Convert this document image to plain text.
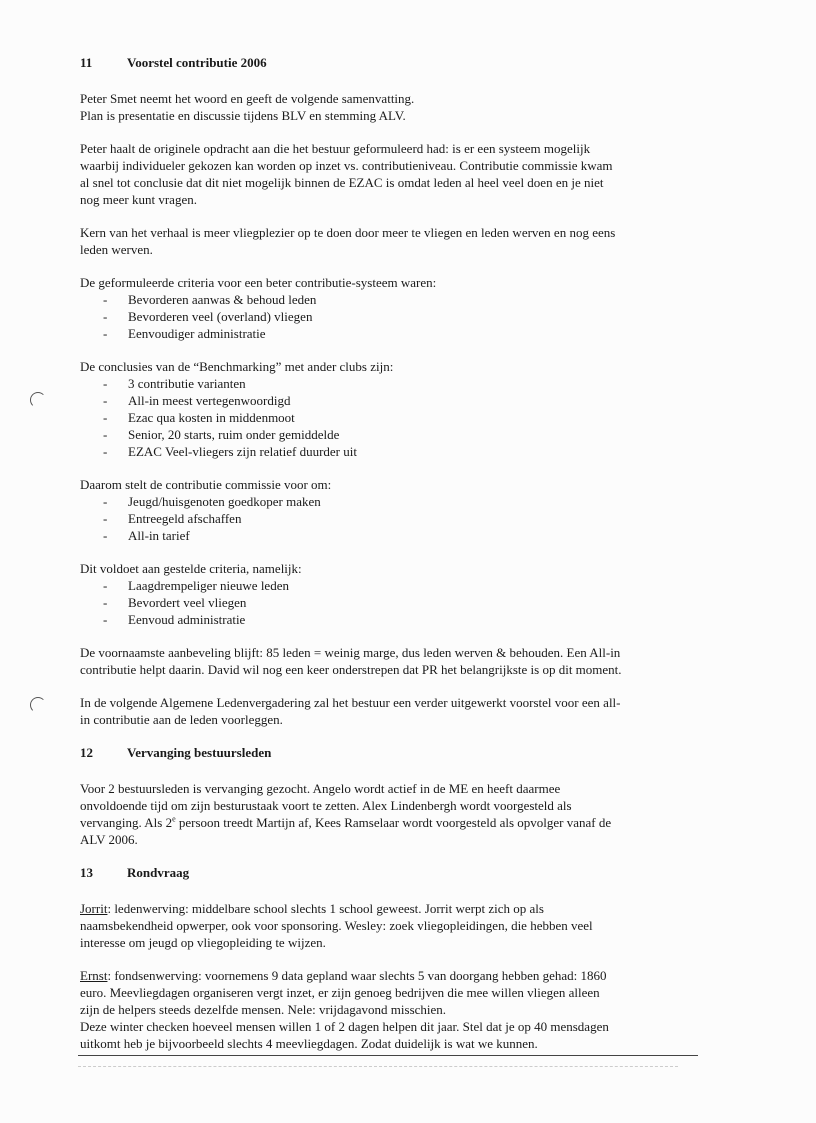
11	Voorstel contributie 2006

Peter Smet neemt het woord en geeft de volgende samenvatting.
Plan is presentatie en discussie tijdens BLV en stemming ALV.

Peter haalt de originele opdracht aan die het bestuur geformuleerd had: is er een systeem mogelijk
waarbij individueler gekozen kan worden op inzet vs. contributieniveau. Contributie commissie kwam
al snel tot conclusie dat dit niet mogelijk binnen de EZAC is omdat leden al heel veel doen en je niet
nog meer kunt vragen.

Kern van het verhaal is meer vliegplezier op te doen door meer te vliegen en leden werven en nog eens
leden werven.

De geformuleerde criteria voor een beter contributie-systeem waren:
- Bevorderen aanwas & behoud leden
- Bevorderen veel (overland) vliegen
- Eenvoudiger administratie
De conclusies van de “Benchmarking” met ander clubs zijn:
- 3 contributie varianten
- All-in meest vertegenwoordigd
- Ezac qua kosten in middenmoot
- Senior, 20 starts, ruim onder gemiddelde
- EZAC Veel-vliegers zijn relatief duurder uit
Daarom stelt de contributie commissie voor om:
- Jeugd/huisgenoten goedkoper maken
- Entreegeld afschaffen
- All-in tarief
Dit voldoet aan gestelde criteria, namelijk:
- Laagdrempeliger nieuwe leden
- Bevordert veel vliegen
- Eenvoud administratie

De voornaamste aanbeveling blijft: 85 leden = weinig marge, dus leden werven & behouden. Een All-in
contributie helpt daarin. David wil nog een keer onderstrepen dat PR het belangrijkste is op dit moment.

In de volgende Algemene Ledenvergadering zal het bestuur een verder uitgewerkt voorstel voor een all-
in contributie aan de leden voorleggen.

12	Vervanging bestuursleden

Voor 2 bestuursleden is vervanging gezocht. Angelo wordt actief in de ME en heeft daarmee
onvoldoende tijd om zijn besturustaak voort te zetten. Alex Lindenbergh wordt voorgesteld als
vervanging. Als 2e persoon treedt Martijn af, Kees Ramselaar wordt voorgesteld als opvolger vanaf de
ALV 2006.

13	Rondvraag

Jorrit: ledenwerving: middelbare school slechts 1 school geweest. Jorrit werpt zich op als
naamsbekendheid opwerper, ook voor sponsoring. Wesley: zoek vliegopleidingen, die hebben veel
interesse om jeugd op vliegopleiding te wijzen.

Ernst: fondsenwerving: voornemens 9 data gepland waar slechts 5 van doorgang hebben gehad: 1860
euro. Meevliegdagen organiseren vergt inzet, er zijn genoeg bedrijven die mee willen vliegen alleen
zijn de helpers steeds dezelfde mensen. Nele: vrijdagavond misschien.
Deze winter checken hoeveel mensen willen 1 of 2 dagen helpen dit jaar. Stel dat je op 40 mensdagen
uitkomt heb je bijvoorbeeld slechts 4 meevliegdagen. Zodat duidelijk is wat we kunnen.
